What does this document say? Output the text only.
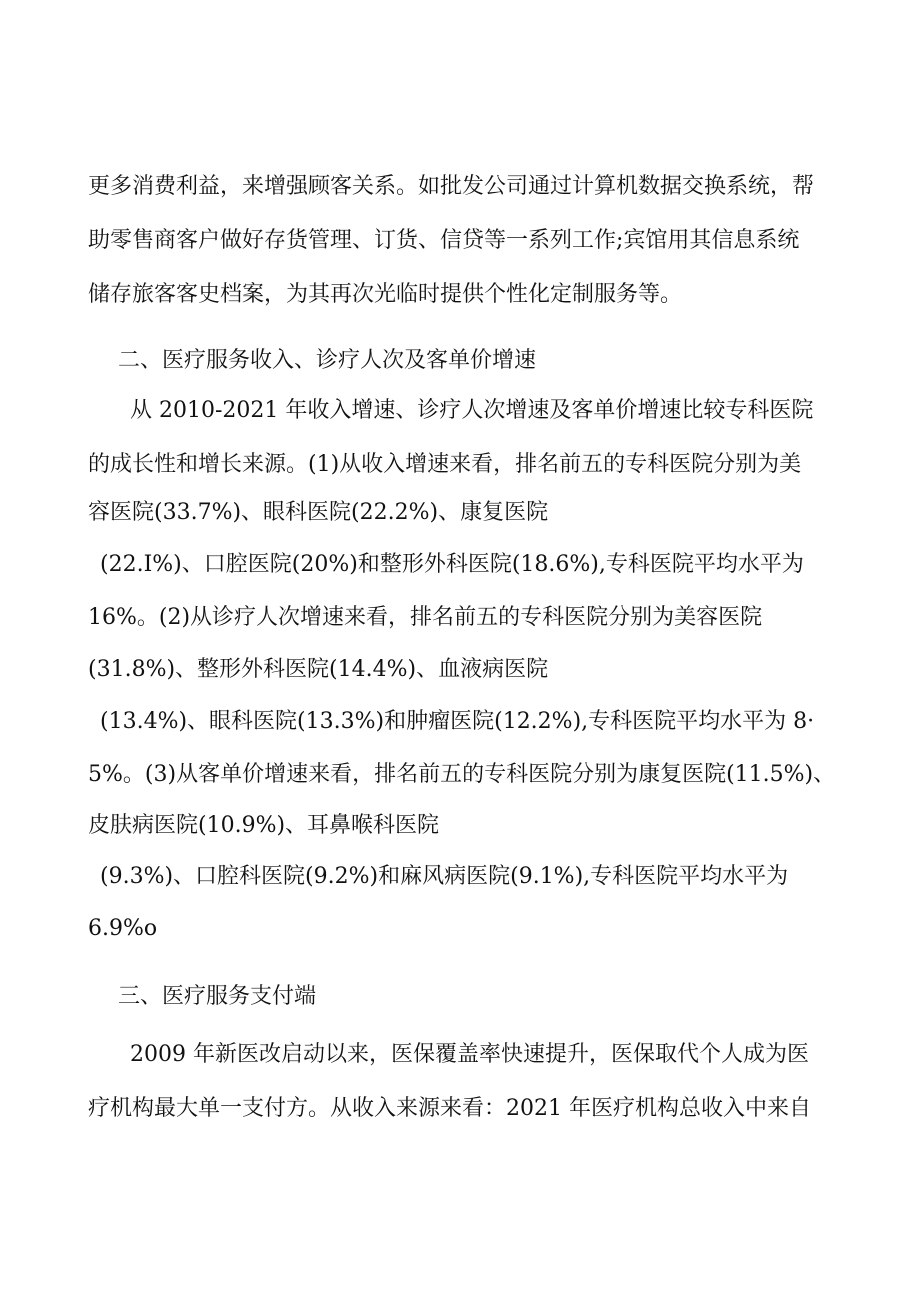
更多消费利益，来增强顾客关系。如批发公司通过计算机数据交换系统，帮
助零售商客户做好存货管理、订货、信贷等一系列工作;宾馆用其信息系统
储存旅客客史档案，为其再次光临时提供个性化定制服务等。
二、医疗服务收入、诊疗人次及客单价增速
从 2010-2021 年收入增速、诊疗人次增速及客单价增速比较专科医院
的成长性和增长来源。(1)从收入增速来看，排名前五的专科医院分别为美
容医院(33.7%)、眼科医院(22.2%)、康复医院
(22.I%)、口腔医院(20%)和整形外科医院(18.6%),专科医院平均水平为
16%。(2)从诊疗人次增速来看，排名前五的专科医院分别为美容医院
(31.8%)、整形外科医院(14.4%)、血液病医院
(13.4%)、眼科医院(13.3%)和肿瘤医院(12.2%),专科医院平均水平为 8·
5%。(3)从客单价增速来看，排名前五的专科医院分别为康复医院(11.5%)、
皮肤病医院(10.9%)、耳鼻喉科医院
(9.3%)、口腔科医院(9.2%)和麻风病医院(9.1%),专科医院平均水平为
6.9%o
三、医疗服务支付端
2009 年新医改启动以来，医保覆盖率快速提升，医保取代个人成为医
疗机构最大单一支付方。从收入来源来看：2021 年医疗机构总收入中来自
